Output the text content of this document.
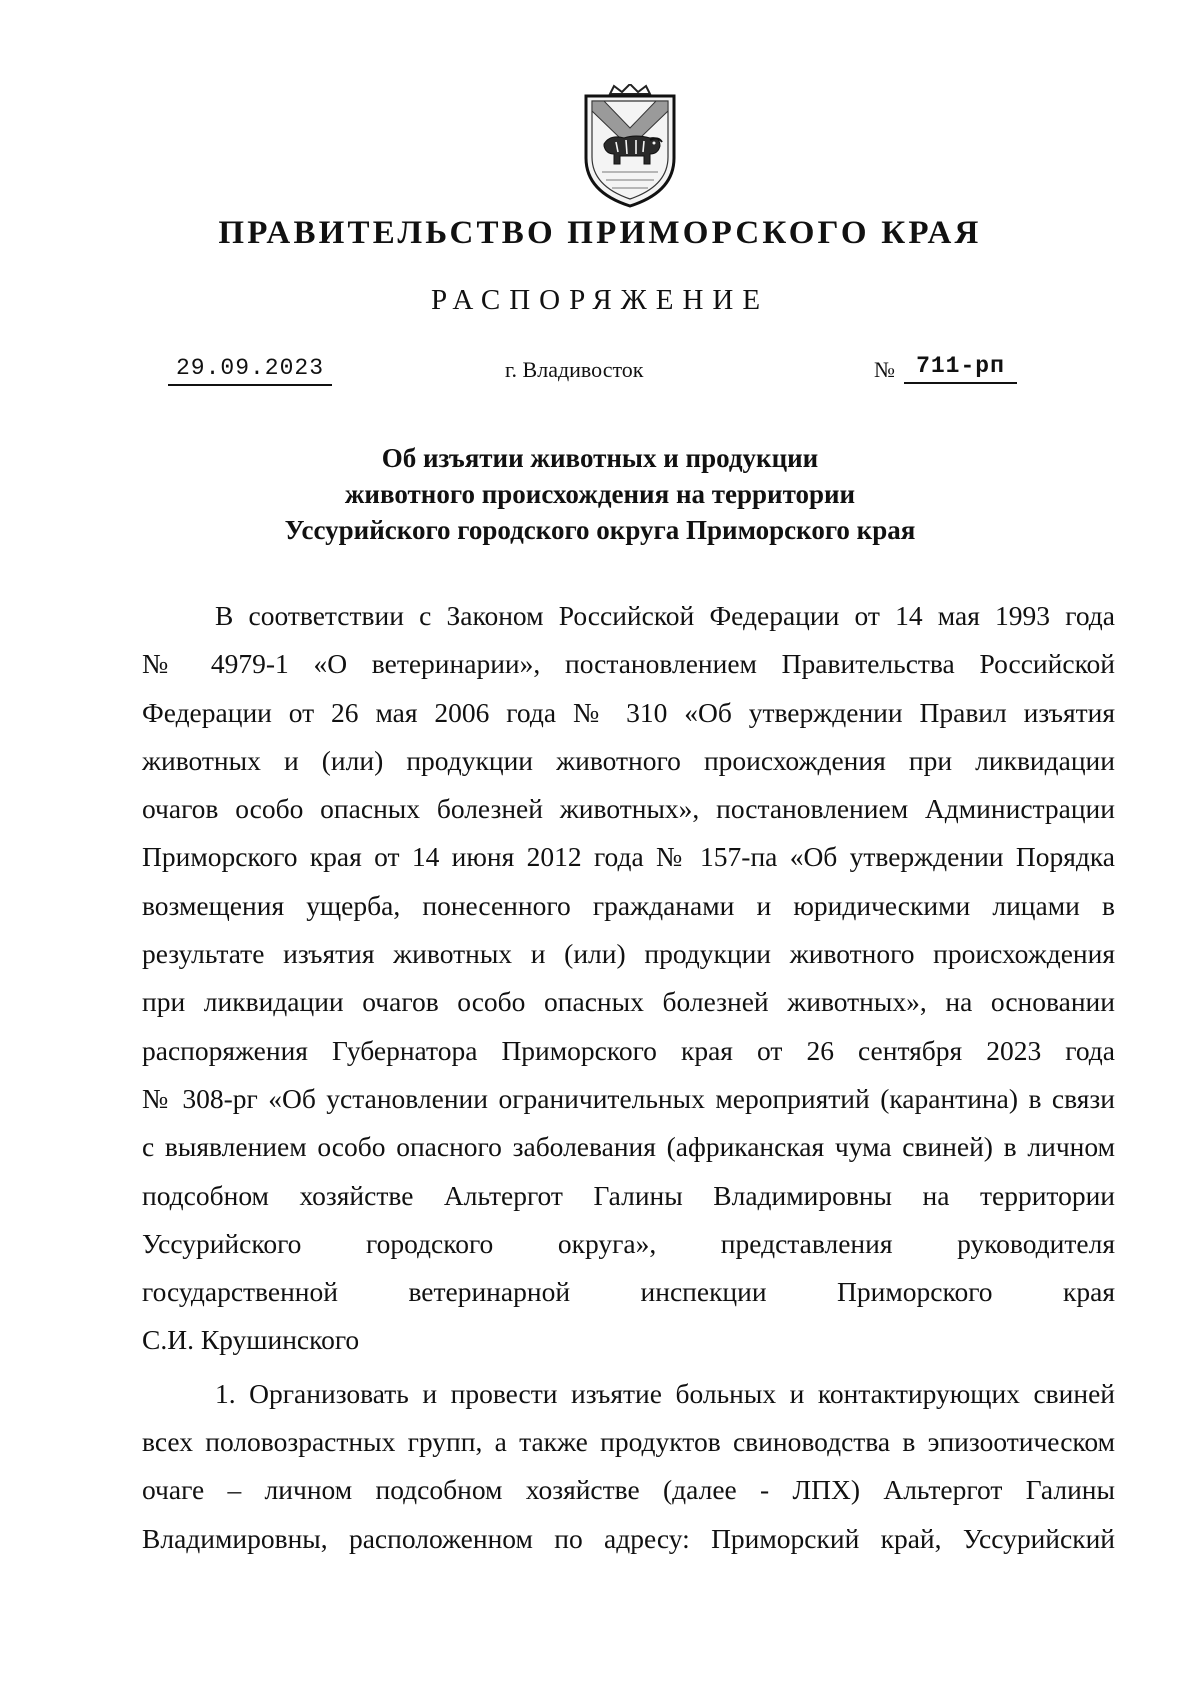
ПРАВИТЕЛЬСТВО ПРИМОРСКОГО КРАЯ
РАСПОРЯЖЕНИЕ
29.09.2023	г. Владивосток	№ 711-рп
Об изъятии животных и продукции
животного происхождения на территории
Уссурийского городского округа Приморского края
В соответствии с Законом Российской Федерации от 14 мая 1993 года
№ 4979-1 «О ветеринарии», постановлением Правительства Российской
Федерации от 26 мая 2006 года № 310 «Об утверждении Правил изъятия
животных и (или) продукции животного происхождения при ликвидации
очагов особо опасных болезней животных», постановлением Администрации
Приморского края от 14 июня 2012 года № 157-па «Об утверждении Порядка
возмещения ущерба, понесенного гражданами и юридическими лицами в
результате изъятия животных и (или) продукции животного происхождения
при ликвидации очагов особо опасных болезней животных», на основании
распоряжения Губернатора Приморского края от 26 сентября 2023 года
№ 308-рг «Об установлении ограничительных мероприятий (карантина) в связи
с выявлением особо опасного заболевания (африканская чума свиней) в личном
подсобном хозяйстве Альтергот Галины Владимировны на территории
Уссурийского городского округа», представления руководителя
государственной ветеринарной инспекции Приморского края
С.И. Крушинского
1. Организовать и провести изъятие больных и контактирующих свиней
всех половозрастных групп, а также продуктов свиноводства в эпизоотическом
очаге – личном подсобном хозяйстве (далее - ЛПХ) Альтергот Галины
Владимировны, расположенном по адресу: Приморский край, Уссурийский
